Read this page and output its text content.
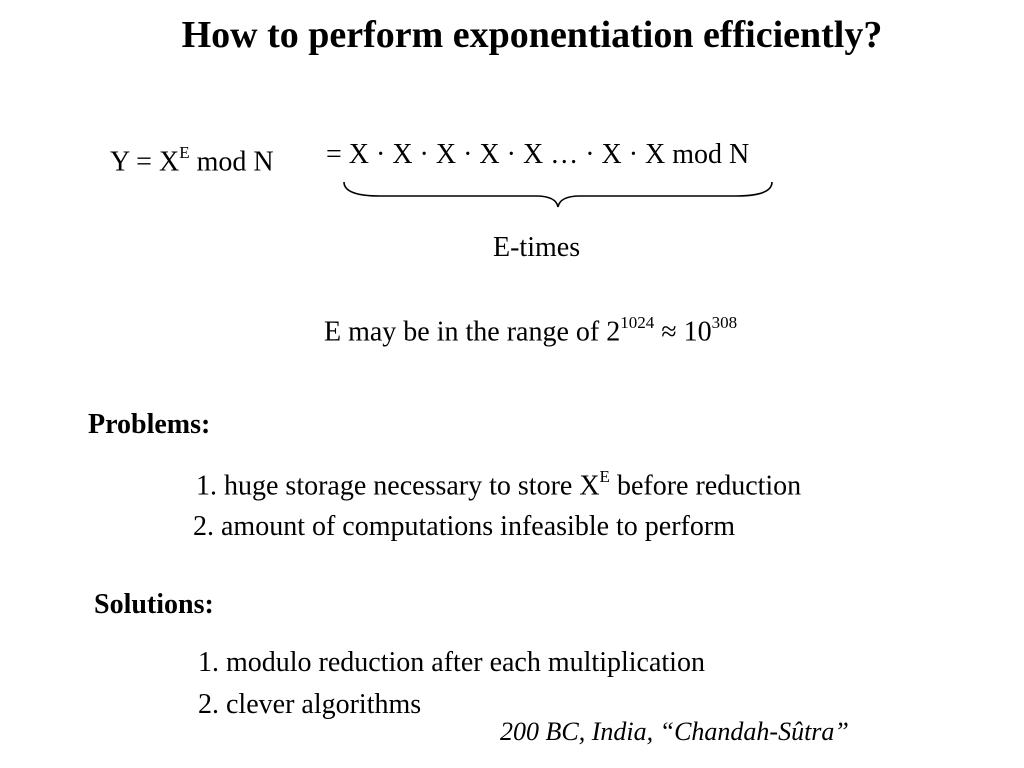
How to perform exponentiation efficiently?
$Y = X^E$ mod N = X · X · X · X · X … · X · X mod N
E-times
E may be in the range of $2^{1024} \approx 10^{308}$
Problems:
1. huge storage necessary to store $X^E$ before reduction
2. amount of computations infeasible to perform
Solutions:
1. modulo reduction after each multiplication
2. clever algorithms
200 BC, India, “Chandah-Sûtra”
